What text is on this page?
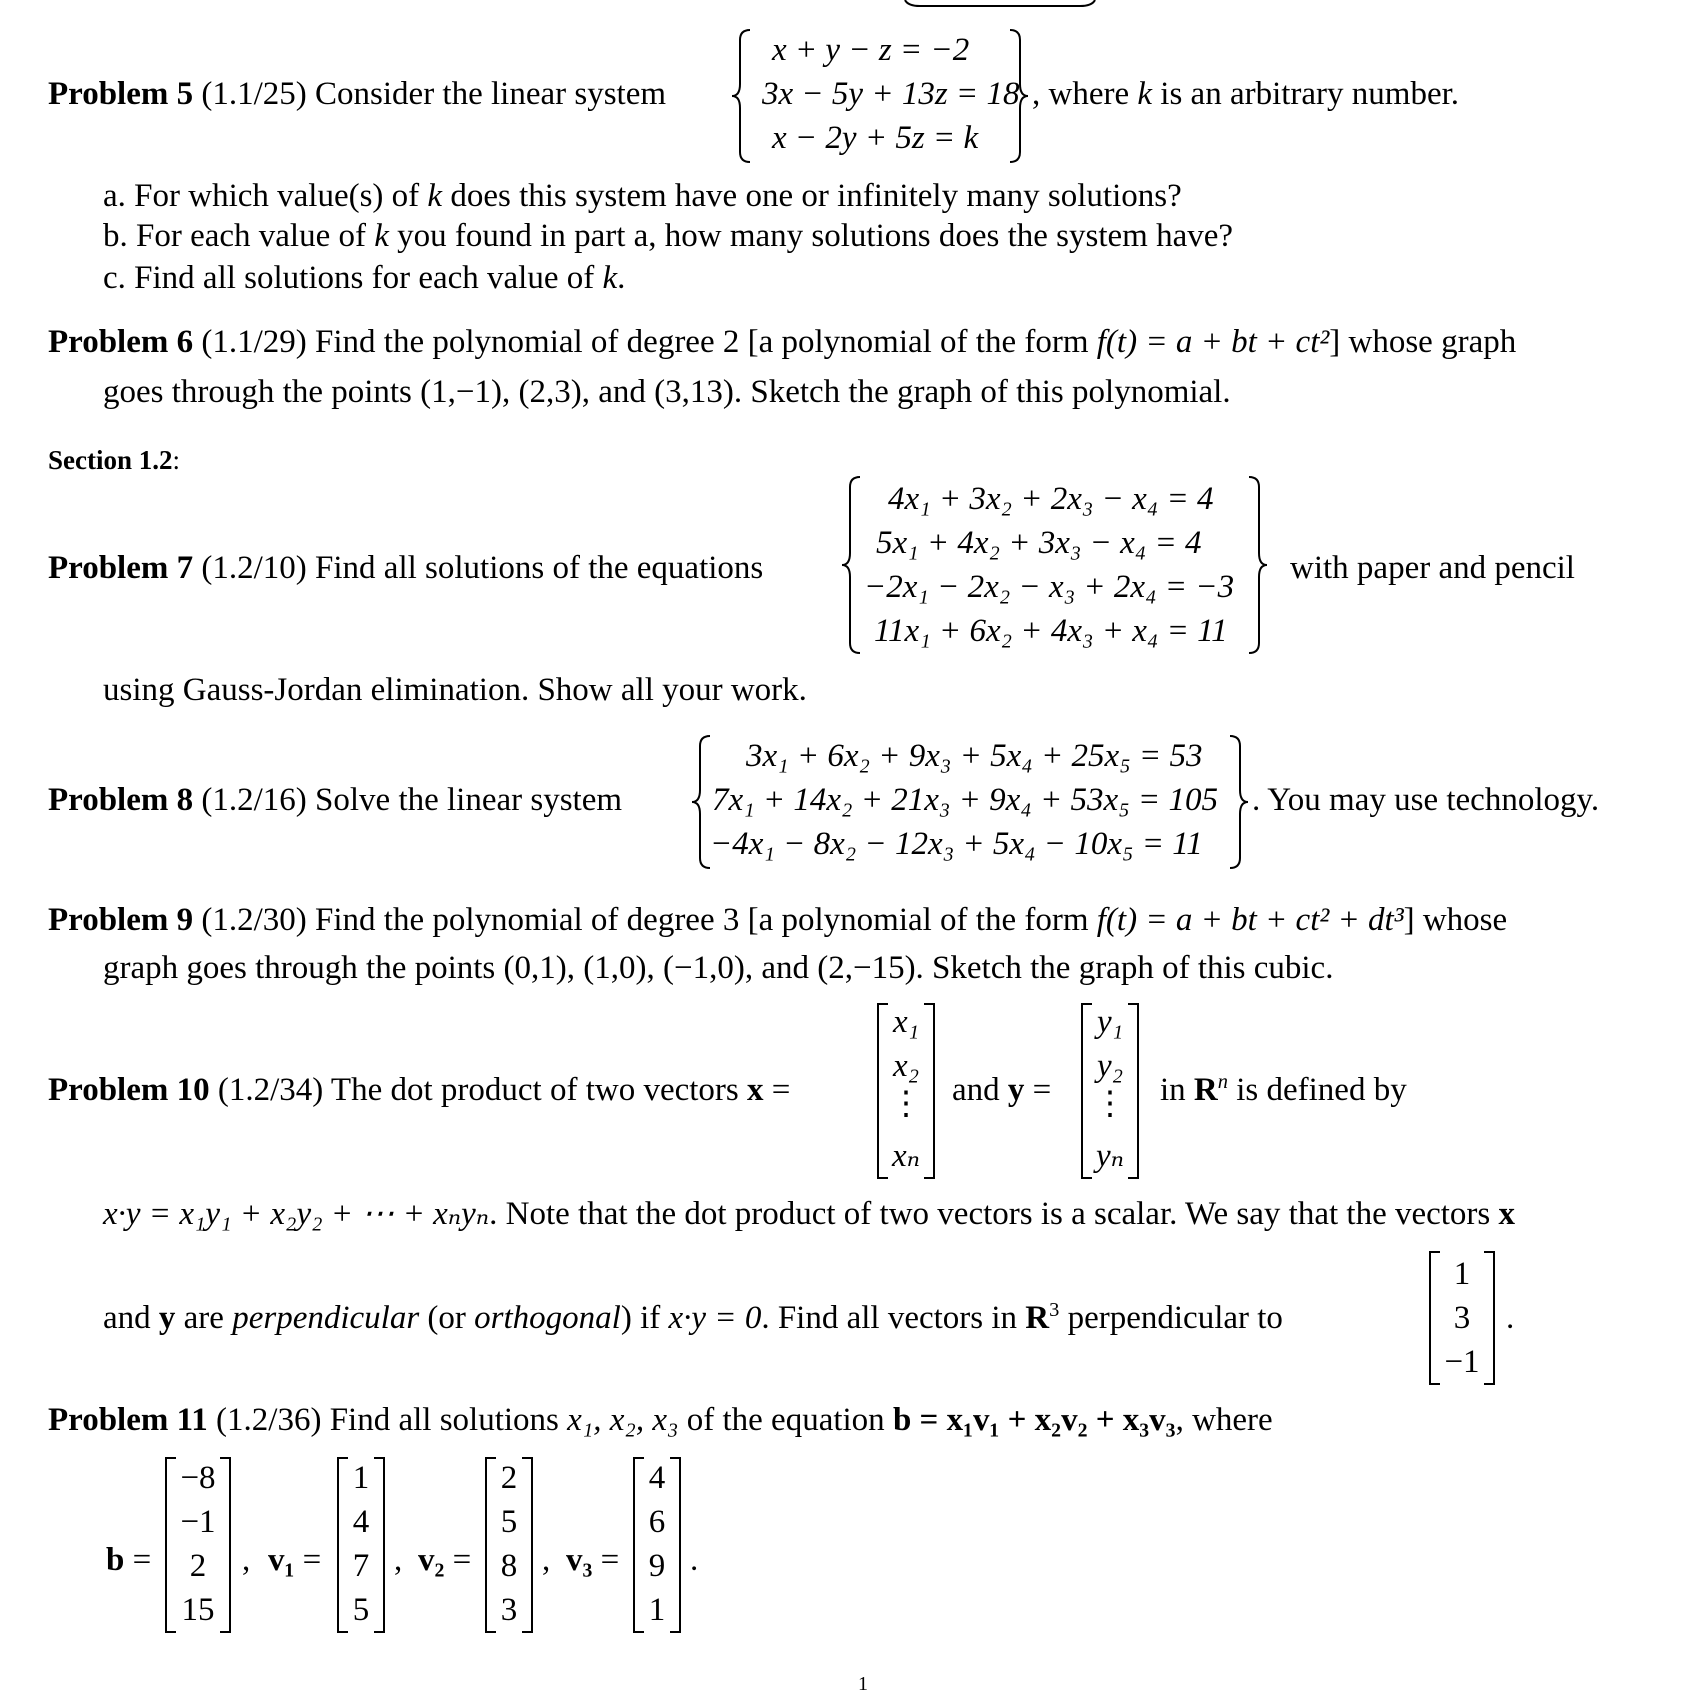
Problem 5 (1.1/25) Consider the linear system
x + y − z = −2
3x − 5y + 13z = 18
x − 2y + 5z = k
, where k is an arbitrary number.
a. For which value(s) of k does this system have one or infinitely many solutions?
b. For each value of k you found in part a, how many solutions does the system have?
c. Find all solutions for each value of k.
Problem 6 (1.1/29) Find the polynomial of degree 2 [a polynomial of the form f(t) = a + bt + ct²] whose graph
goes through the points (1,−1), (2,3), and (3,13). Sketch the graph of this polynomial.
Section 1.2:
Problem 7 (1.2/10) Find all solutions of the equations
4x₁ + 3x₂ + 2x₃ − x₄ = 4
5x₁ + 4x₂ + 3x₃ − x₄ = 4
−2x₁ − 2x₂ − x₃ + 2x₄ = −3
11x₁ + 6x₂ + 4x₃ + x₄ = 11
with paper and pencil
using Gauss-Jordan elimination. Show all your work.
Problem 8 (1.2/16) Solve the linear system
3x₁ + 6x₂ + 9x₃ + 5x₄ + 25x₅ = 53
7x₁ + 14x₂ + 21x₃ + 9x₄ + 53x₅ = 105
−4x₁ − 8x₂ − 12x₃ + 5x₄ − 10x₅ = 11
. You may use technology.
Problem 9 (1.2/30) Find the polynomial of degree 3 [a polynomial of the form f(t) = a + bt + ct² + dt³] whose
graph goes through the points (0,1), (1,0), (−1,0), and (2,−15). Sketch the graph of this cubic.
Problem 10 (1.2/34) The dot product of two vectors x =
x₁
x₂
⋮
xₙ
and y =
y₁
y₂
⋮
yₙ
in $R^n$ is defined by
x·y = x₁y₁ + x₂y₂ + ⋯ + xₙyₙ. Note that the dot product of two vectors is a scalar. We say that the vectors x
and y are perpendicular (or orthogonal) if x·y = 0. Find all vectors in $R^3$ perpendicular to
1
3
−1
.
Problem 11 (1.2/36) Find all solutions x₁, x₂, x₃ of the equation b = x₁v₁ + x₂v₂ + x₃v₃, where
b =
−8
−1
2
15
, v₁ =
1
4
7
5
, v₂ =
2
5
8
3
, v₃ =
4
6
9
1
.
1
